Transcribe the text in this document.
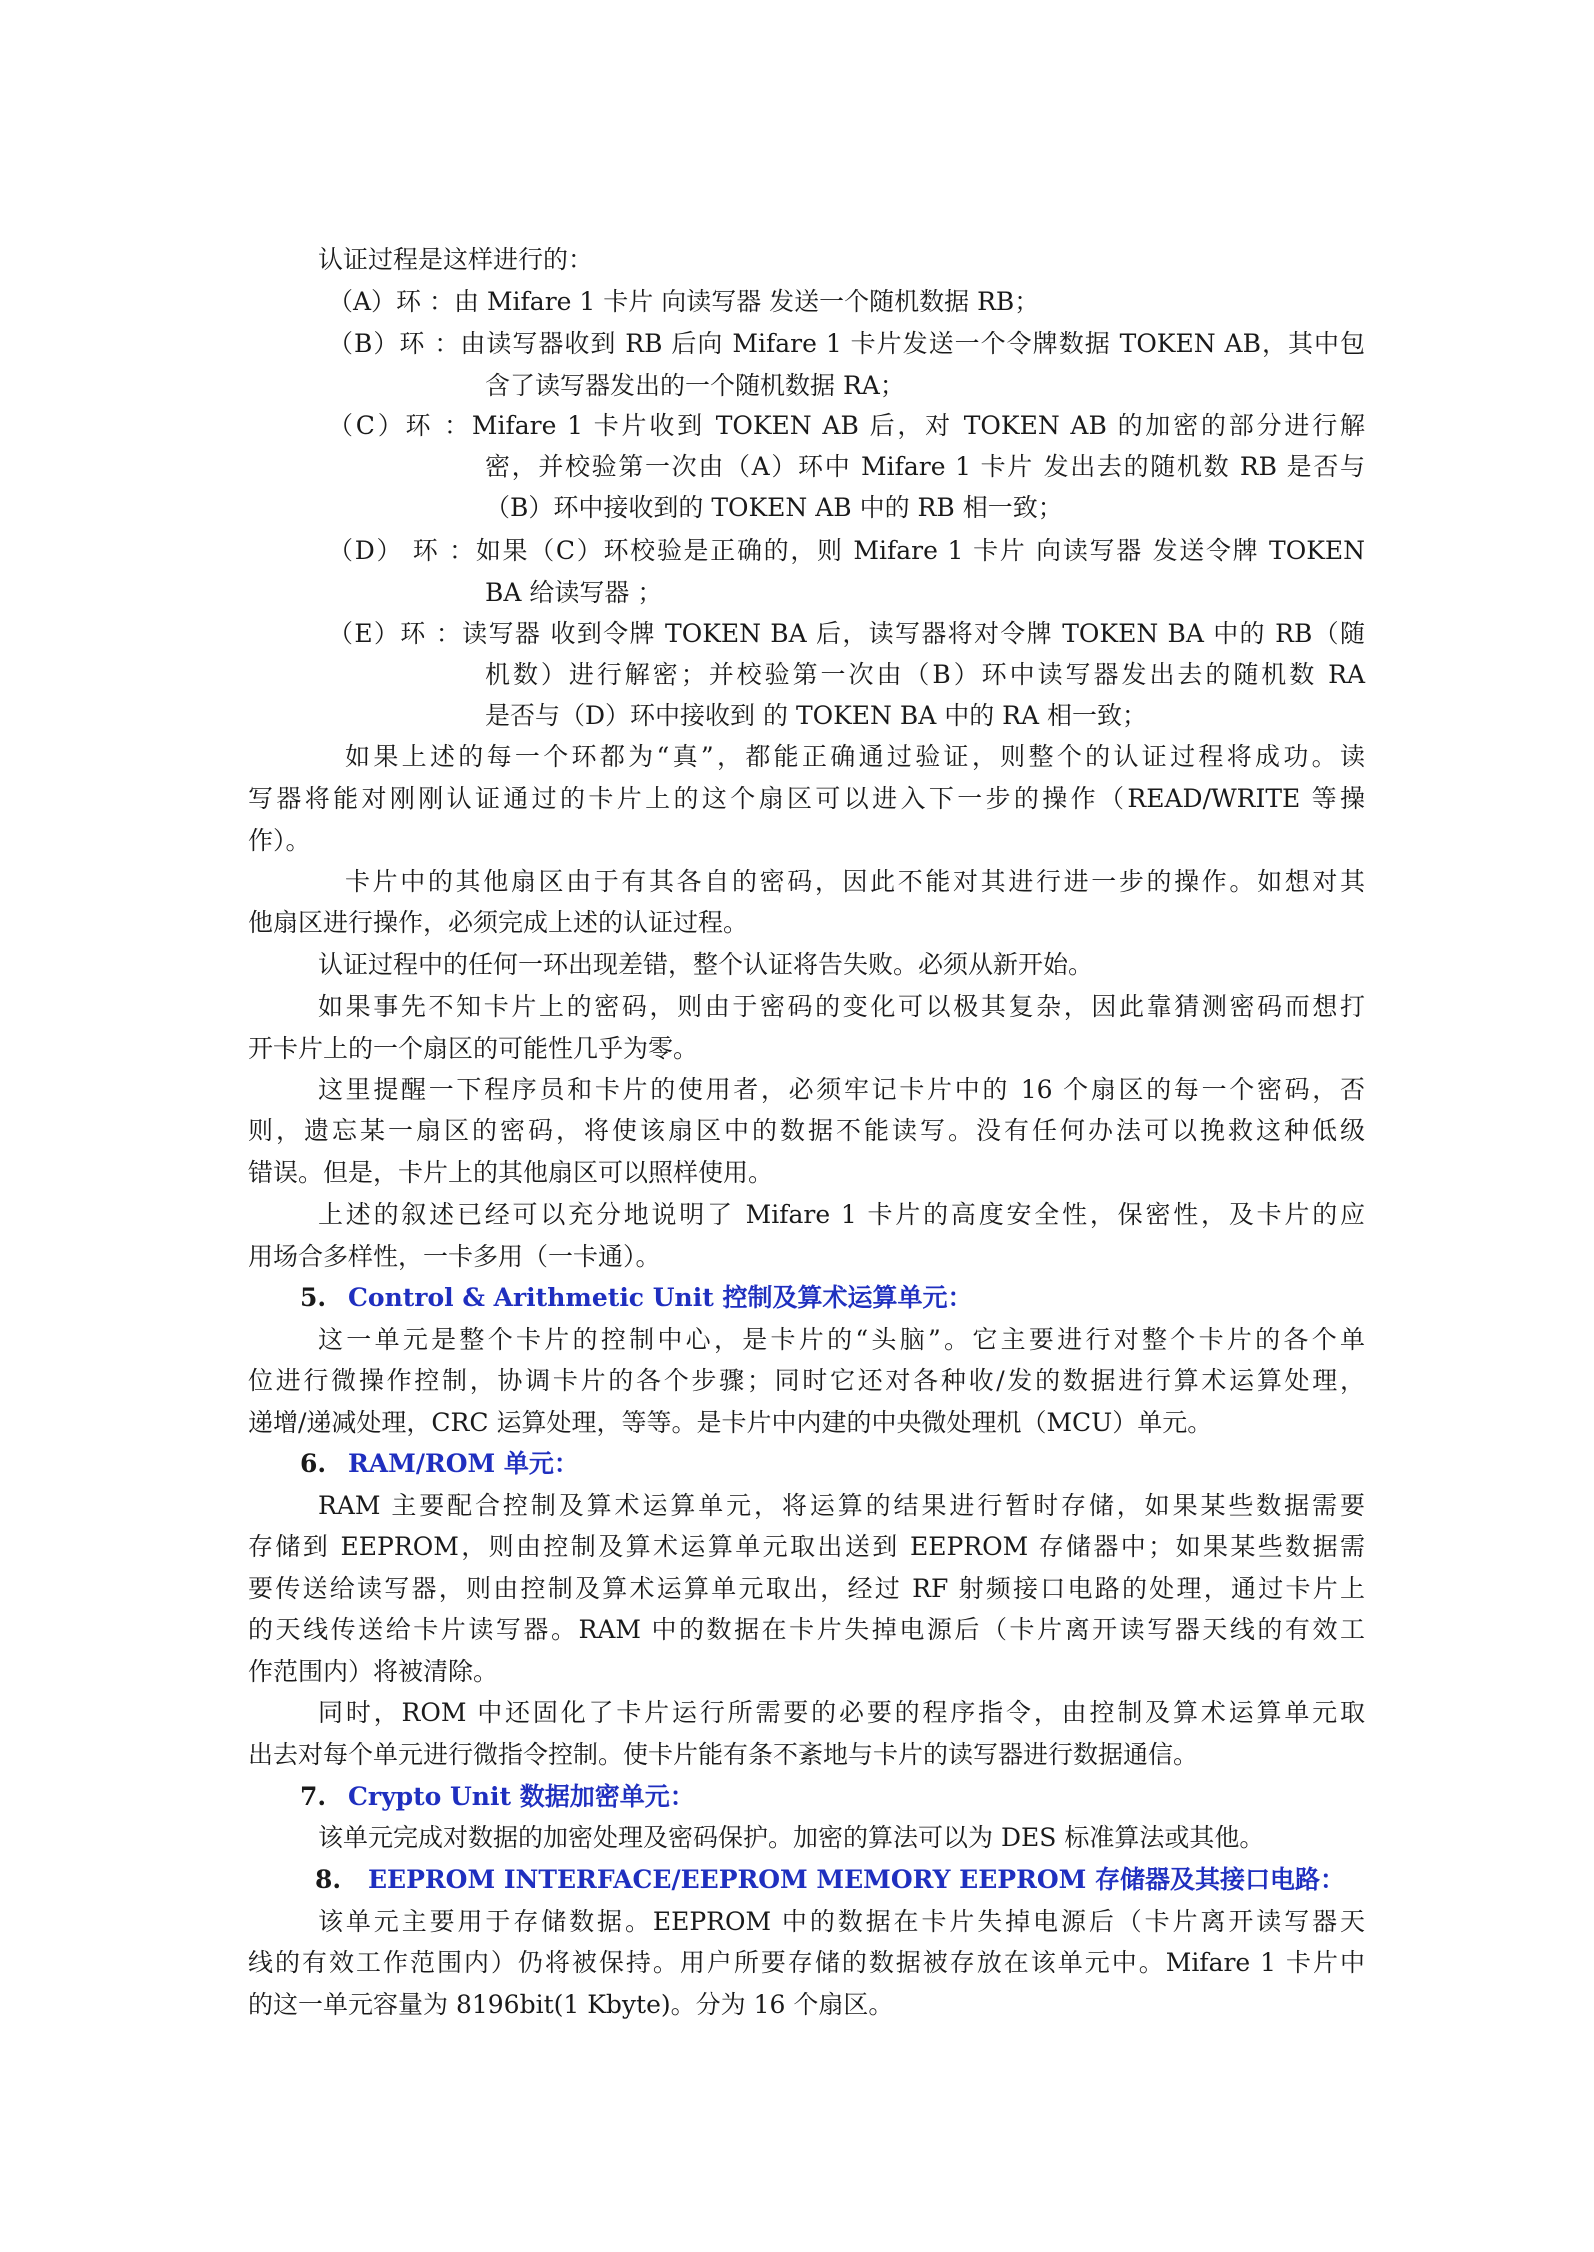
认证过程是这样进行的：
（A）环 ：由 Mifare 1 卡片 向读写器 发送一个随机数据 RB；
（B）环 ：由读写器收到 RB 后向 Mifare 1 卡片发送一个令牌数据 TOKEN AB，其中包
含了读写器发出的一个随机数据 RA；
（C）环 ：Mifare 1 卡片收到 TOKEN AB 后，对 TOKEN AB 的加密的部分进行解
密，并校验第一次由（A）环中 Mifare 1 卡片 发出去的随机数 RB 是否与
（B）环中接收到的 TOKEN AB 中的 RB 相一致；
（D） 环 ：如果（C）环校验是正确的，则 Mifare 1 卡片 向读写器 发送令牌 TOKEN
BA 给读写器 ；
（E）环 ：读写器 收到令牌 TOKEN BA 后，读写器将对令牌 TOKEN BA 中的 RB（随
机数）进行解密；并校验第一次由（B）环中读写器发出去的随机数 RA
是否与（D）环中接收到 的 TOKEN BA 中的 RA 相一致；
如果上述的每一个环都为“真”，都能正确通过验证，则整个的认证过程将成功。读
写器将能对刚刚认证通过的卡片上的这个扇区可以进入下一步的操作（READ/WRITE 等操
作）。
卡片中的其他扇区由于有其各自的密码，因此不能对其进行进一步的操作。如想对其
他扇区进行操作，必须完成上述的认证过程。
认证过程中的任何一环出现差错，整个认证将告失败。必须从新开始。
如果事先不知卡片上的密码，则由于密码的变化可以极其复杂，因此靠猜测密码而想打
开卡片上的一个扇区的可能性几乎为零。
这里提醒一下程序员和卡片的使用者，必须牢记卡片中的 16 个扇区的每一个密码，否
则，遗忘某一扇区的密码，将使该扇区中的数据不能读写。没有任何办法可以挽救这种低级
错误。但是，卡片上的其他扇区可以照样使用。
上述的叙述已经可以充分地说明了 Mifare 1 卡片的高度安全性，保密性，及卡片的应
用场合多样性，一卡多用（一卡通）。
5. Control & Arithmetic Unit 控制及算术运算单元：
这一单元是整个卡片的控制中心，是卡片的“头脑”。它主要进行对整个卡片的各个单
位进行微操作控制，协调卡片的各个步骤；同时它还对各种收/发的数据进行算术运算处理，
递增/递减处理，CRC 运算处理，等等。是卡片中内建的中央微处理机（MCU）单元。
6. RAM/ROM 单元：
RAM 主要配合控制及算术运算单元，将运算的结果进行暂时存储，如果某些数据需要
存储到 EEPROM，则由控制及算术运算单元取出送到 EEPROM 存储器中；如果某些数据需
要传送给读写器，则由控制及算术运算单元取出，经过 RF 射频接口电路的处理，通过卡片上
的天线传送给卡片读写器。RAM 中的数据在卡片失掉电源后（卡片离开读写器天线的有效工
作范围内）将被清除。
同时，ROM 中还固化了卡片运行所需要的必要的程序指令，由控制及算术运算单元取
出去对每个单元进行微指令控制。使卡片能有条不紊地与卡片的读写器进行数据通信。
7. Crypto Unit 数据加密单元：
该单元完成对数据的加密处理及密码保护。加密的算法可以为 DES 标准算法或其他。
8. EEPROM INTERFACE/EEPROM MEMORY EEPROM 存储器及其接口电路：
该单元主要用于存储数据。EEPROM 中的数据在卡片失掉电源后（卡片离开读写器天
线的有效工作范围内）仍将被保持。用户所要存储的数据被存放在该单元中。Mifare 1 卡片中
的这一单元容量为 8196bit(1 Kbyte)。分为 16 个扇区。
